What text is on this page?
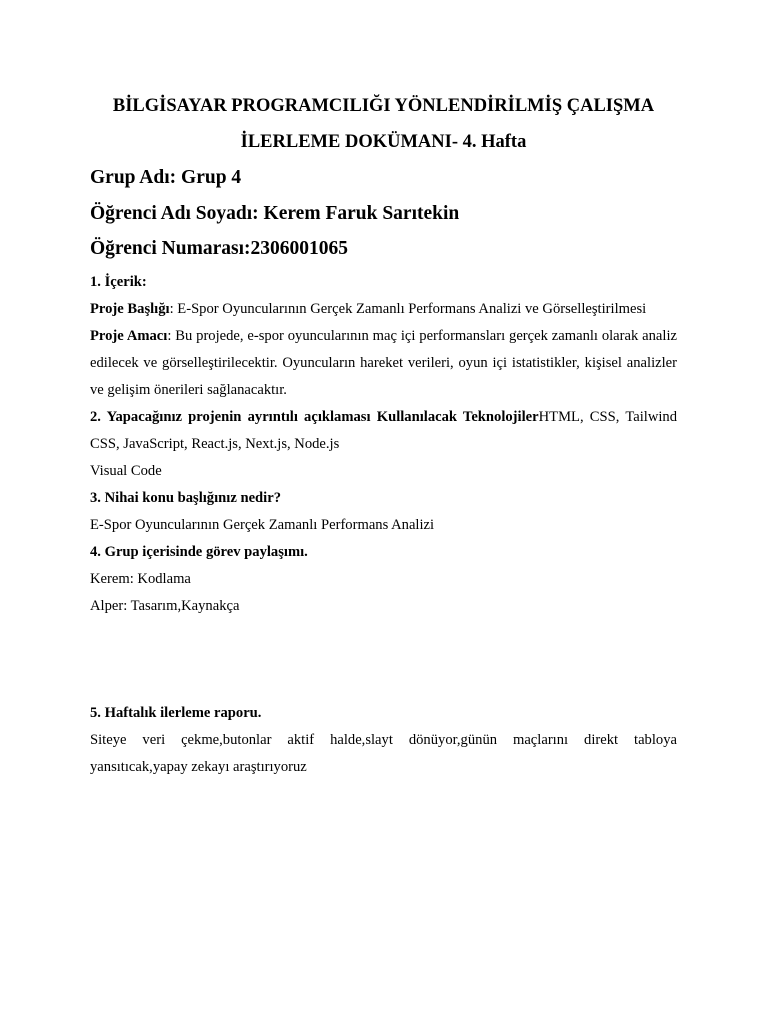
BİLGİSAYAR PROGRAMCILIĞI YÖNLENDİRİLMİŞ ÇALIŞMA

İLERLEME DOKÜMANI- 4. Hafta

Grup Adı: Grup 4

Öğrenci Adı Soyadı: Kerem Faruk Sarıtekin

Öğrenci Numarası:2306001065

1. İçerik:

Proje Başlığı: E-Spor Oyuncularının Gerçek Zamanlı Performans Analizi ve Görselleştirilmesi

Proje Amacı: Bu projede, e-spor oyuncularının maç içi performansları gerçek zamanlı olarak analiz edilecek ve görselleştirilecektir. Oyuncuların hareket verileri, oyun içi istatistikler, kişisel analizler ve gelişim önerileri sağlanacaktır.

2. Yapacağınız projenin ayrıntılı açıklaması Kullanılacak TeknolojilerHTML, CSS, Tailwind CSS, JavaScript, React.js, Next.js, Node.js

Visual Code

3. Nihai konu başlığınız nedir?

E-Spor Oyuncularının Gerçek Zamanlı Performans Analizi

4. Grup içerisinde görev paylaşımı.

Kerem: Kodlama

Alper: Tasarım,Kaynakça

5. Haftalık ilerleme raporu.

Siteye veri çekme,butonlar aktif halde,slayt dönüyor,günün maçlarını direkt tabloya yansıtıcak,yapay zekayı araştırıyoruz
